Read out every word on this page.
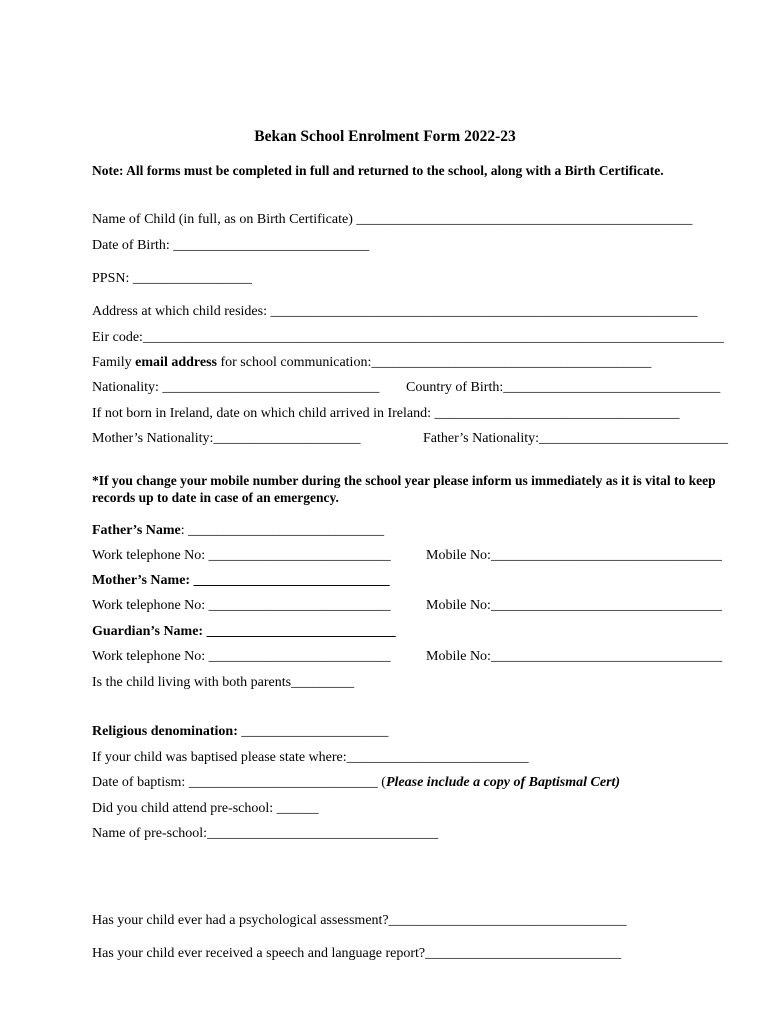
Bekan School Enrolment Form 2022-23
Note: All forms must be completed in full and returned to the school, along with a Birth Certificate.
Name of Child (in full, as on Birth Certificate) ________________________________________________
Date of Birth: ____________________________
PPSN: _________________
Address at which child resides: _____________________________________________________________
Eir code:___________________________________________________________________________________
Family email address for school communication:________________________________________
Nationality: _______________________________ Country of Birth:_______________________________
If not born in Ireland, date on which child arrived in Ireland: ___________________________________
Mother’s Nationality:_____________________	Father’s Nationality:___________________________
*If you change your mobile number during the school year please inform us immediately as it is vital to keep records up to date in case of an emergency.
Father’s Name: ____________________________
Work telephone No: __________________________	Mobile No:_________________________________
Mother’s Name: ____________________________
Work telephone No: __________________________	Mobile No:_________________________________
Guardian’s Name: ___________________________
Work telephone No: __________________________	Mobile No:_________________________________
Is the child living with both parents_________
Religious denomination: _____________________
If your child was baptised please state where:__________________________
Date of baptism: ___________________________ (Please include a copy of Baptismal Cert)
Did you child attend pre-school: ______
Name of pre-school:_________________________________
Has your child ever had a psychological assessment?__________________________________
Has your child ever received a speech and language report?____________________________
